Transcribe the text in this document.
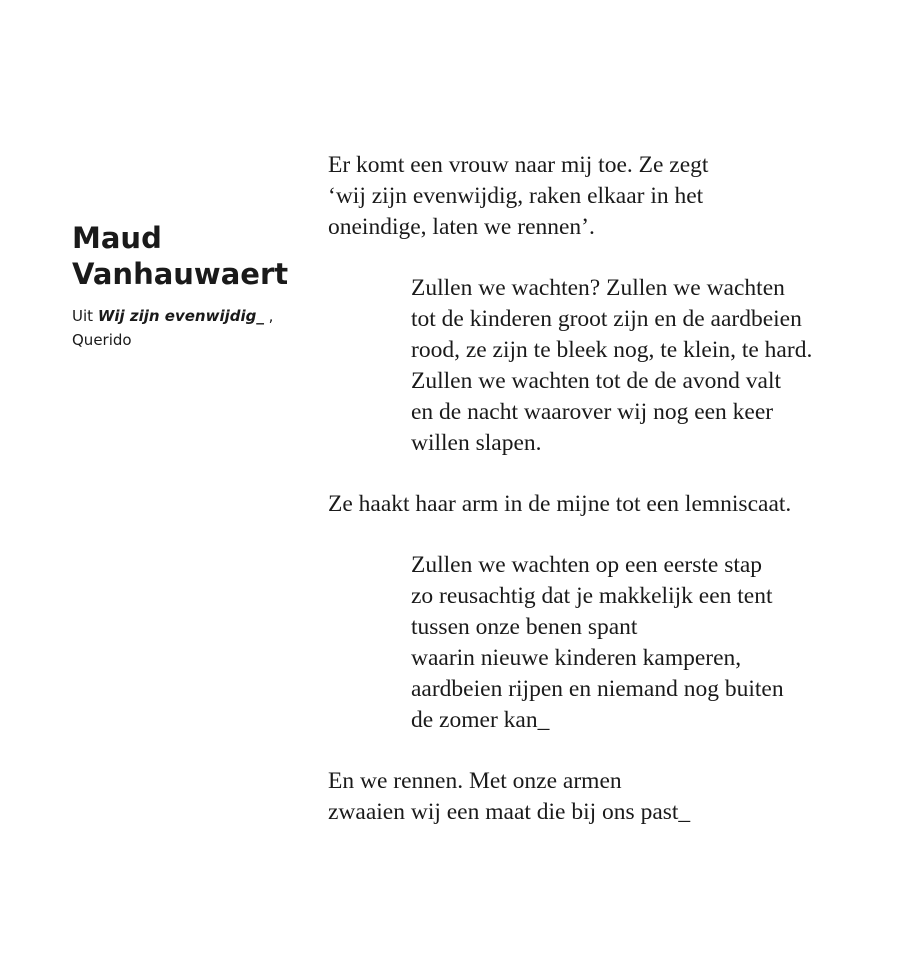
Maud
Vanhauwaert
Uit Wij zijn evenwijdig_ ,
Querido
Er komt een vrouw naar mij toe. Ze zegt
‘wij zijn evenwijdig, raken elkaar in het
oneindige, laten we rennen’.
Zullen we wachten? Zullen we wachten
tot de kinderen groot zijn en de aardbeien
rood, ze zijn te bleek nog, te klein, te hard.
Zullen we wachten tot de de avond valt
en de nacht waarover wij nog een keer
willen slapen.
Ze haakt haar arm in de mijne tot een lemniscaat.
Zullen we wachten op een eerste stap
zo reusachtig dat je makkelijk een tent
tussen onze benen spant
waarin nieuwe kinderen kamperen,
aardbeien rijpen en niemand nog buiten
de zomer kan_
En we rennen. Met onze armen
zwaaien wij een maat die bij ons past_
